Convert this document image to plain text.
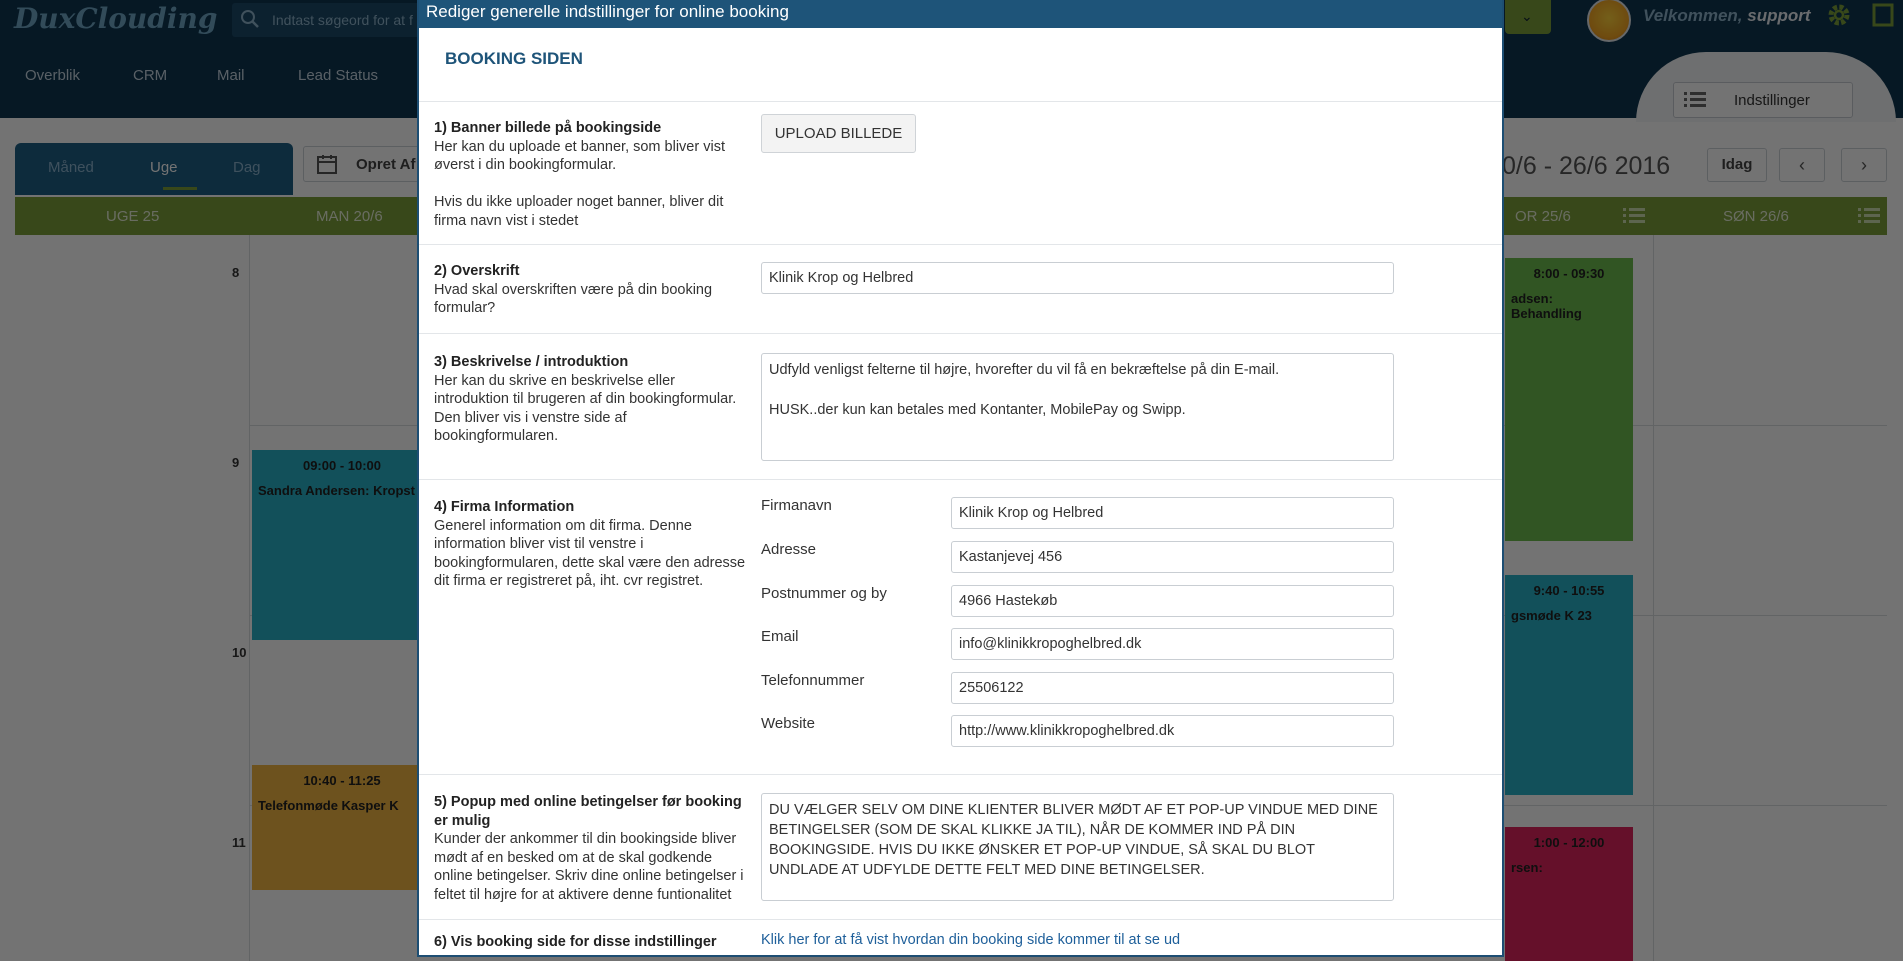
Indtast søgeord for at f
Rediger generelle indstillinger for online booking
BOOKING SIDEN
1) Banner billede på bookingside
Her kan du uploade et banner, som bliver vist øverst i din bookingformular.

Hvis du ikke uploader noget banner, bliver dit firma navn vist i stedet
UPLOAD BILLEDE
2) Overskrift
Hvad skal overskriften være på din booking formular?
Klinik Krop og Helbred
3) Beskrivelse / introduktion
Her kan du skrive en beskrivelse eller introduktion til brugeren af din bookingformular. Den bliver vis i venstre side af bookingformularen.
Udfyld venligst felterne til højre, hvorefter du vil få en bekræftelse på din E-mail.

HUSK..der kun kan betales med Kontanter, MobilePay og Swipp.
4) Firma Information
Generel information om dit firma. Denne information bliver vist til venstre i bookingformularen, dette skal være den adresse dit firma er registreret på, iht. cvr registret.
Firmanavn
Klinik Krop og Helbred
Adresse
Kastanjevej 456
Postnummer og by
4966 Hastekøb
Email
info@klinikkropoghelbred.dk
Telefonnummer
25506122
Website
http://www.klinikkropoghelbred.dk
5) Popup med online betingelser før booking er mulig
Kunder der ankommer til din bookingside bliver mødt af en besked om at de skal godkende online betingelser. Skriv dine online betingelser i feltet til højre for at aktivere denne funtionalitet
DU VÆLGER SELV OM DINE KLIENTER BLIVER MØDT AF ET POP-UP VINDUE MED DINE BETINGELSER (SOM DE SKAL KLIKKE JA TIL), NÅR DE KOMMER IND PÅ DIN BOOKINGSIDE. HVIS DU IKKE ØNSKER ET POP-UP VINDUE, SÅ SKAL DU BLOT UNDLADE AT UDFYLDE DETTE FELT MED DINE BETINGELSER.
6) Vis booking side for disse indstillinger	Klik her for at få vist hvordan din booking side kommer til at se ud
